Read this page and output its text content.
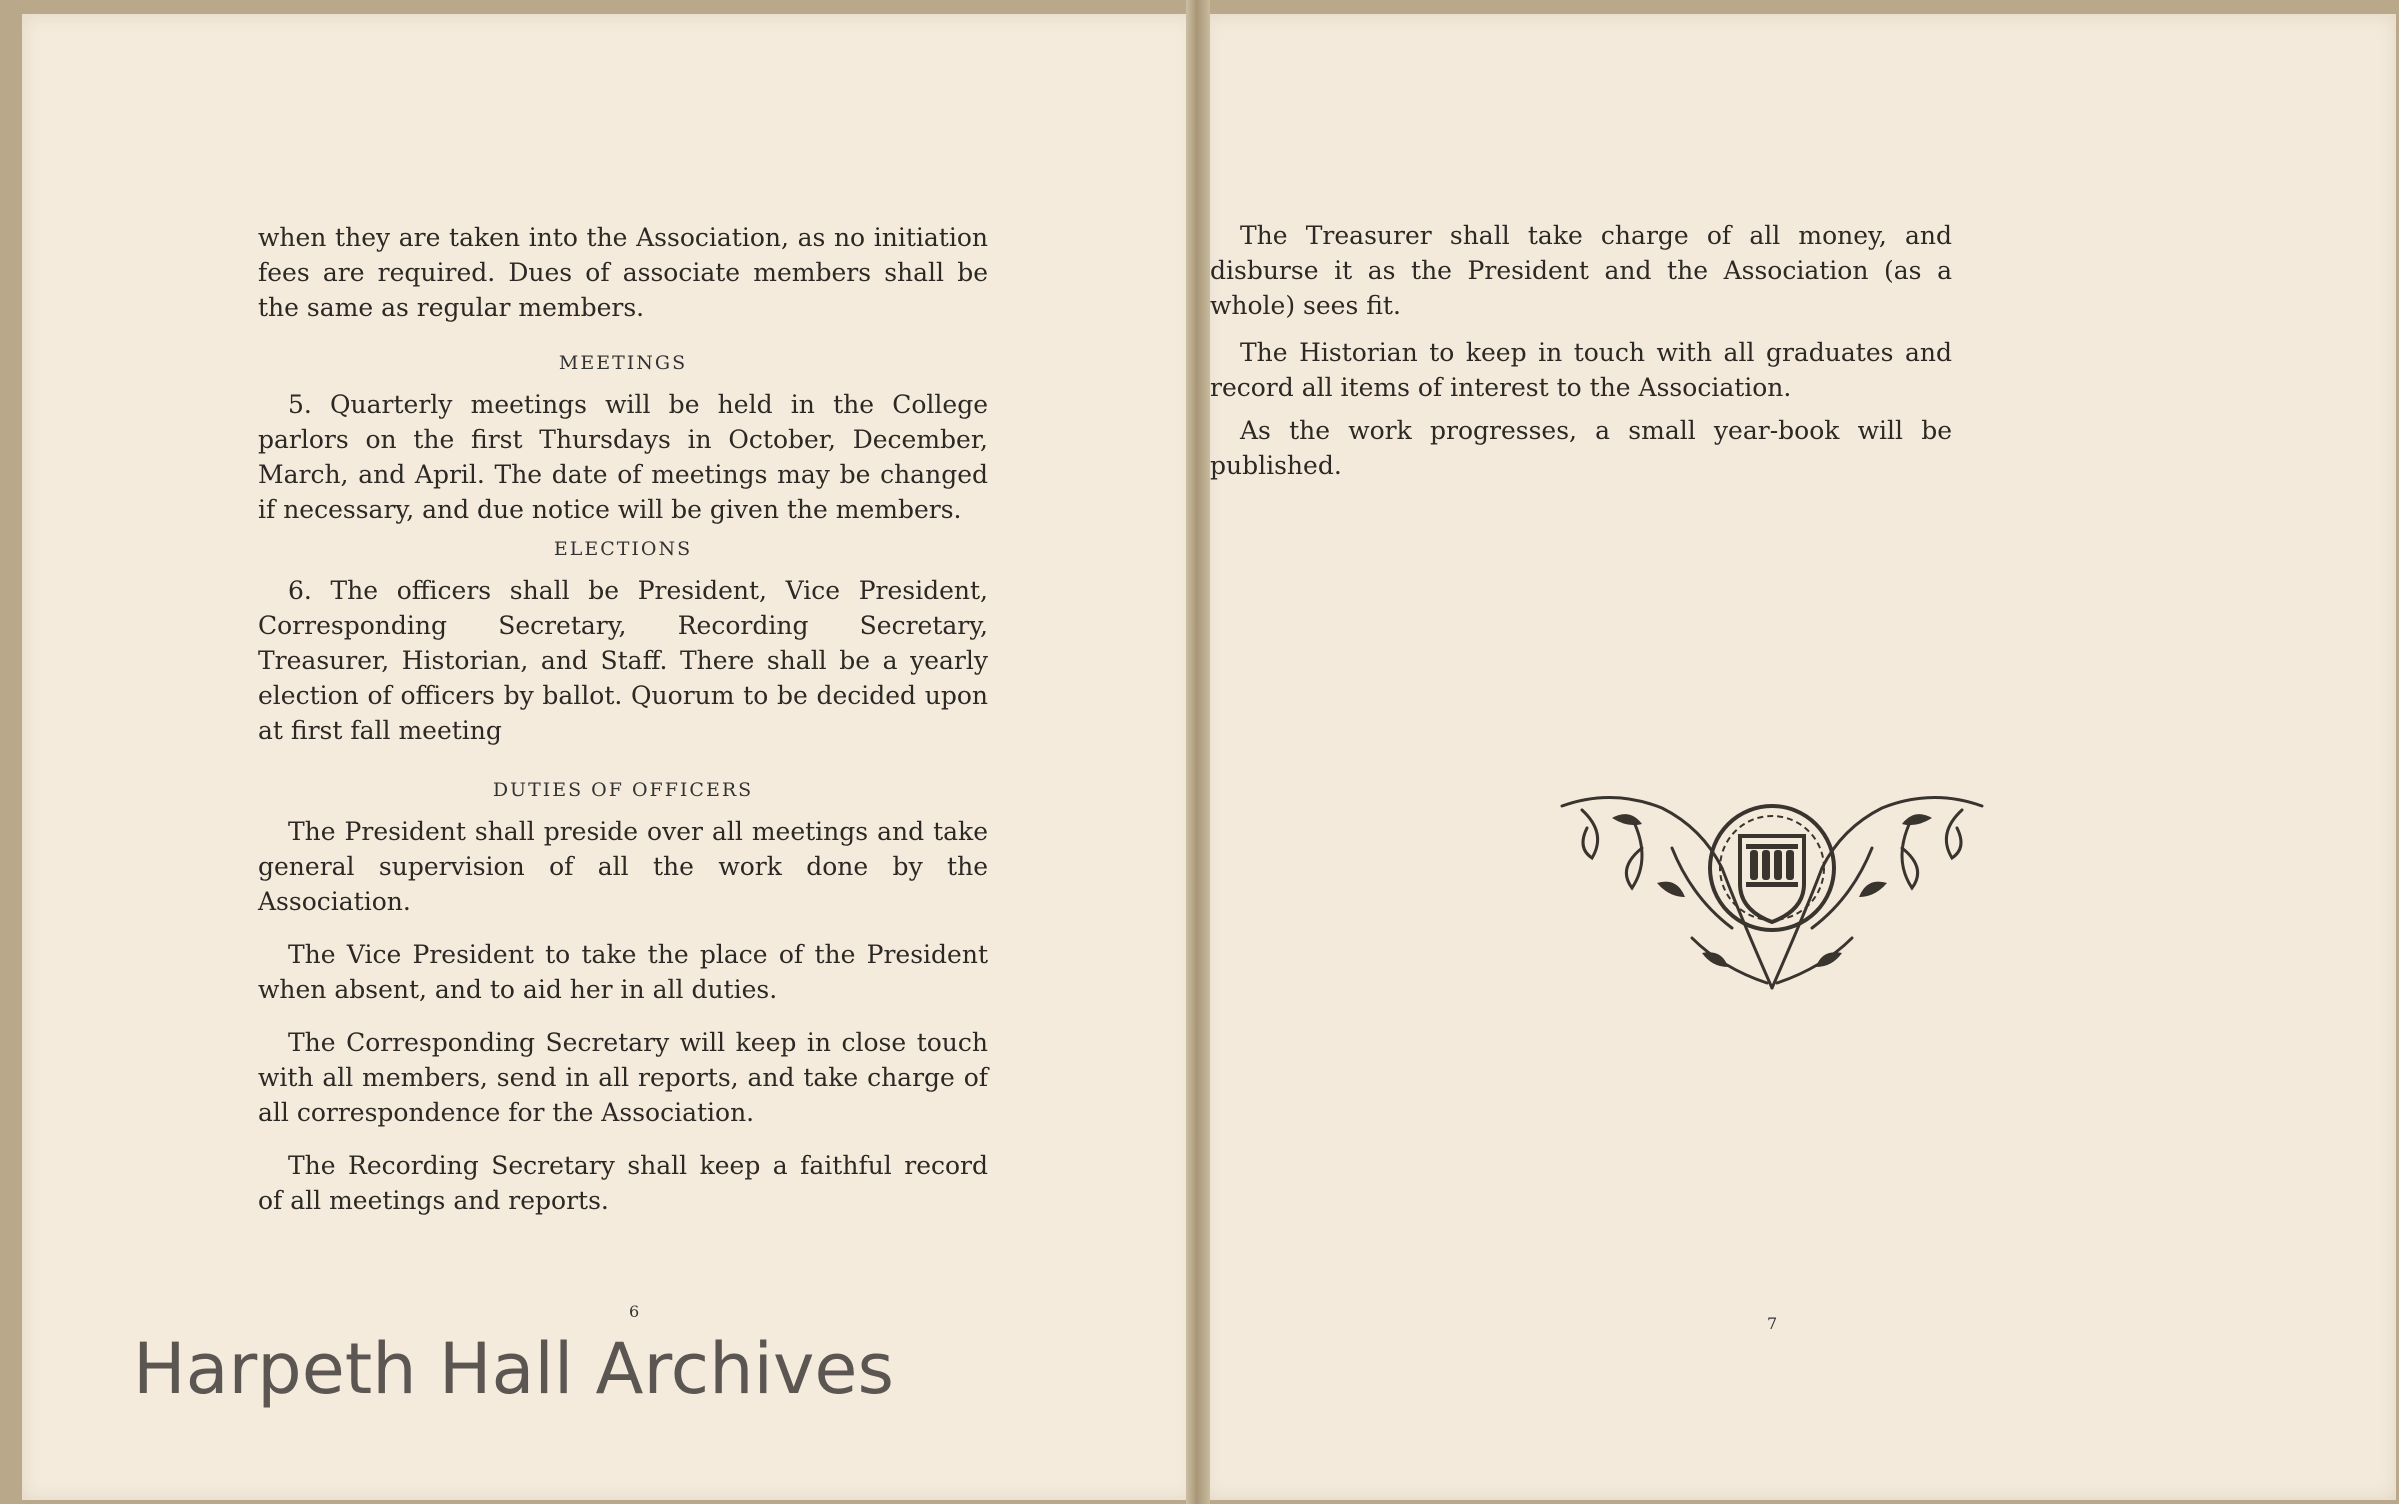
when they are taken into the Association, as no initiation fees are required. Dues of associate members shall be the same as regular members.

MEETINGS

5. Quarterly meetings will be held in the College parlors on the first Thursdays in October, December, March, and April. The date of meetings may be changed if necessary, and due notice will be given the members.

ELECTIONS

6. The officers shall be President, Vice President, Corresponding Secretary, Recording Secretary, Treasurer, Historian, and Staff. There shall be a yearly election of officers by ballot. Quorum to be decided upon at first fall meeting

DUTIES OF OFFICERS

The President shall preside over all meetings and take general supervision of all the work done by the Association.

The Vice President to take the place of the President when absent, and to aid her in all duties.

The Corresponding Secretary will keep in close touch with all members, send in all reports, and take charge of all correspondence for the Association.

The Recording Secretary shall keep a faithful record of all meetings and reports.

6

The Treasurer shall take charge of all money, and disburse it as the President and the Association (as a whole) sees fit.

The Historian to keep in touch with all graduates and record all items of interest to the Association.

As the work progresses, a small year-book will be published.

7
Harpeth Hall Archives
